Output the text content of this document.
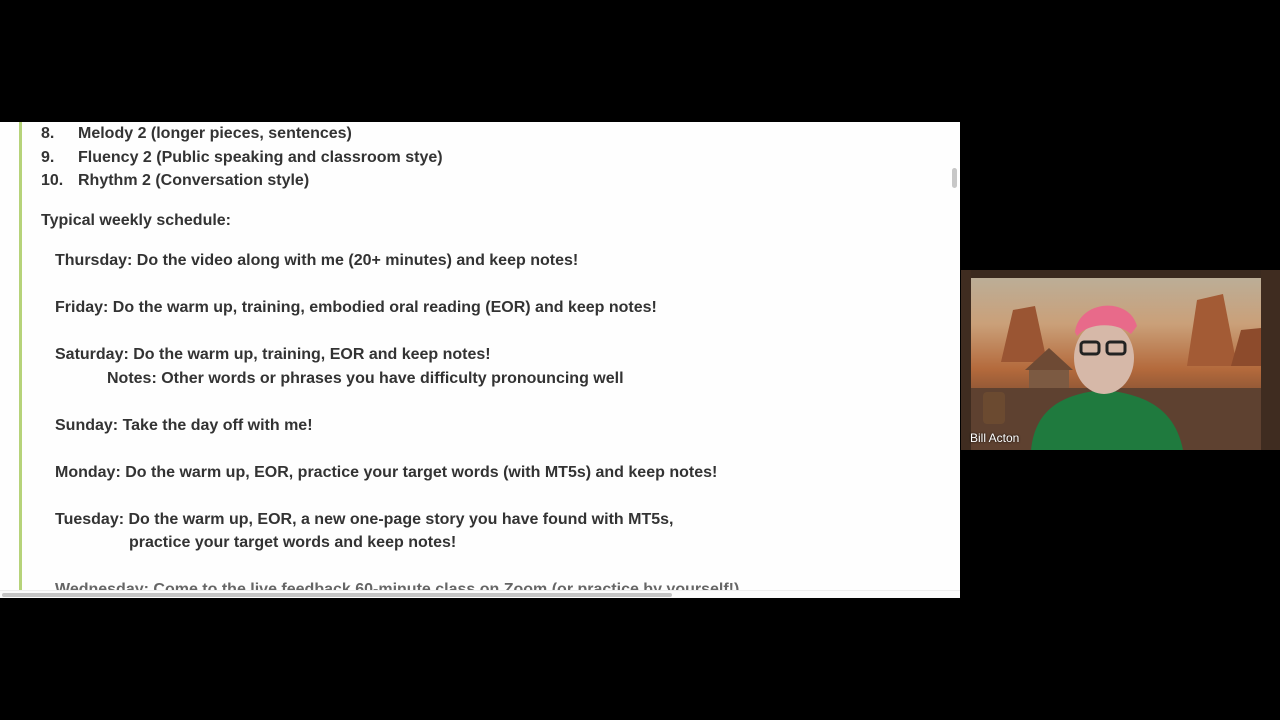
8. Melody 2 (longer pieces, sentences)

9. Fluency 2 (Public speaking and classroom stye)

10. Rhythm 2 (Conversation style)

Typical weekly schedule:

Thursday: Do the video along with me (20+ minutes) and keep notes!

Friday: Do the warm up, training, embodied oral reading (EOR) and keep notes!

Saturday: Do the warm up, training, EOR and keep notes!

Notes: Other words or phrases you have difficulty pronouncing well

Sunday: Take the day off with me!

Monday: Do the warm up, EOR, practice your target words (with MT5s) and keep notes!

Tuesday: Do the warm up, EOR, a new one-page story you have found with MT5s,

practice your target words and keep notes!

Bill Acton
